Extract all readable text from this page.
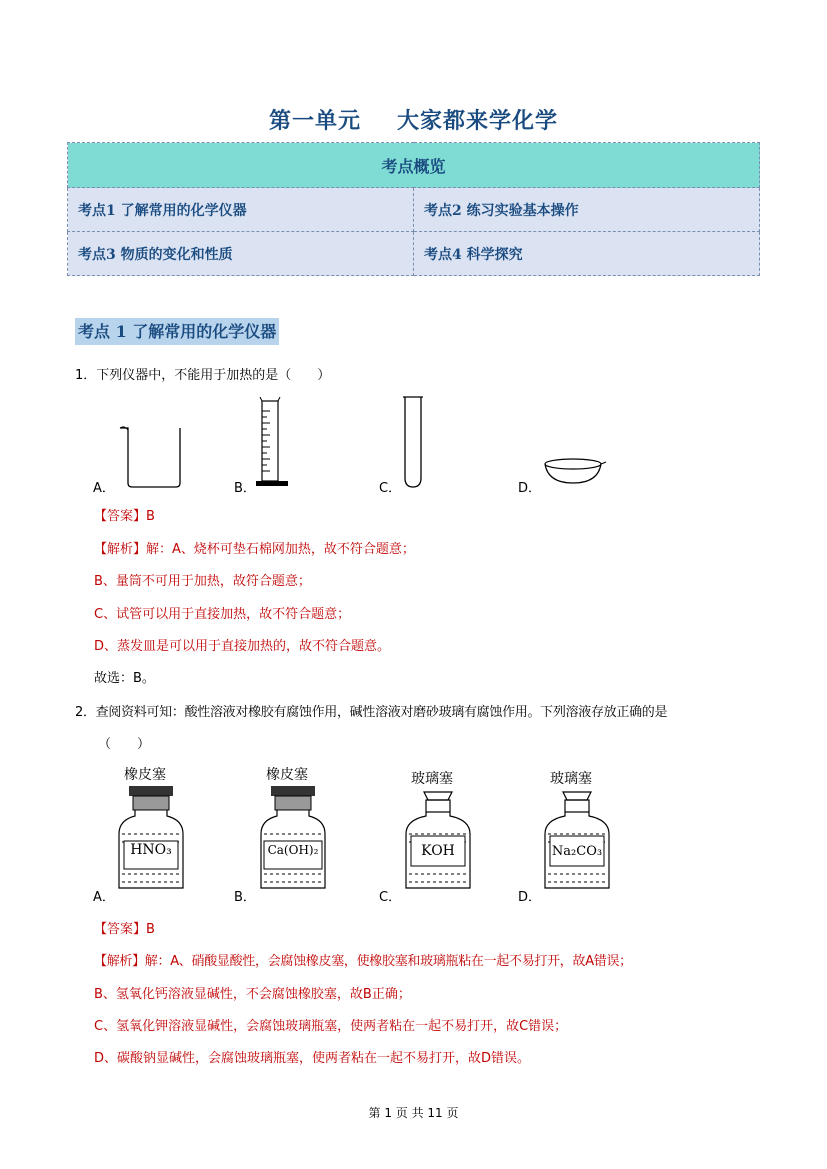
第一单元 大家都来学化学
考点概览	
考点1 了解常用的化学仪器	考点2 练习实验基本操作
考点3 物质的变化和性质	考点4 科学探究
考点 1 了解常用的化学仪器
1．下列仪器中，不能用于加热的是（　　）
A．	B．	C．	D．
【答案】B
【解析】解：A、烧杯可垫石棉网加热，故不符合题意；
B、量筒不可用于加热，故符合题意；
C、试管可以用于直接加热，故不符合题意；
D、蒸发皿是可以用于直接加热的，故不符合题意。
故选：B。
2．查阅资料可知：酸性溶液对橡胶有腐蚀作用，碱性溶液对磨砂玻璃有腐蚀作用。下列溶液存放正确的是
（　　）
橡皮塞
HNO₃
橡皮塞
Ca(OH)₂
玻璃塞
KOH
玻璃塞
Na₂CO₃
A．	B．	C．	D．
【答案】B
【解析】解：A、硝酸显酸性，会腐蚀橡皮塞，使橡胶塞和玻璃瓶粘在一起不易打开，故A错误；
B、氢氧化钙溶液显碱性，不会腐蚀橡胶塞，故B正确；
C、氢氧化钾溶液显碱性，会腐蚀玻璃瓶塞，使两者粘在一起不易打开，故C错误；
D、碳酸钠显碱性，会腐蚀玻璃瓶塞，使两者粘在一起不易打开，故D错误。
第 1 页 共 11 页
